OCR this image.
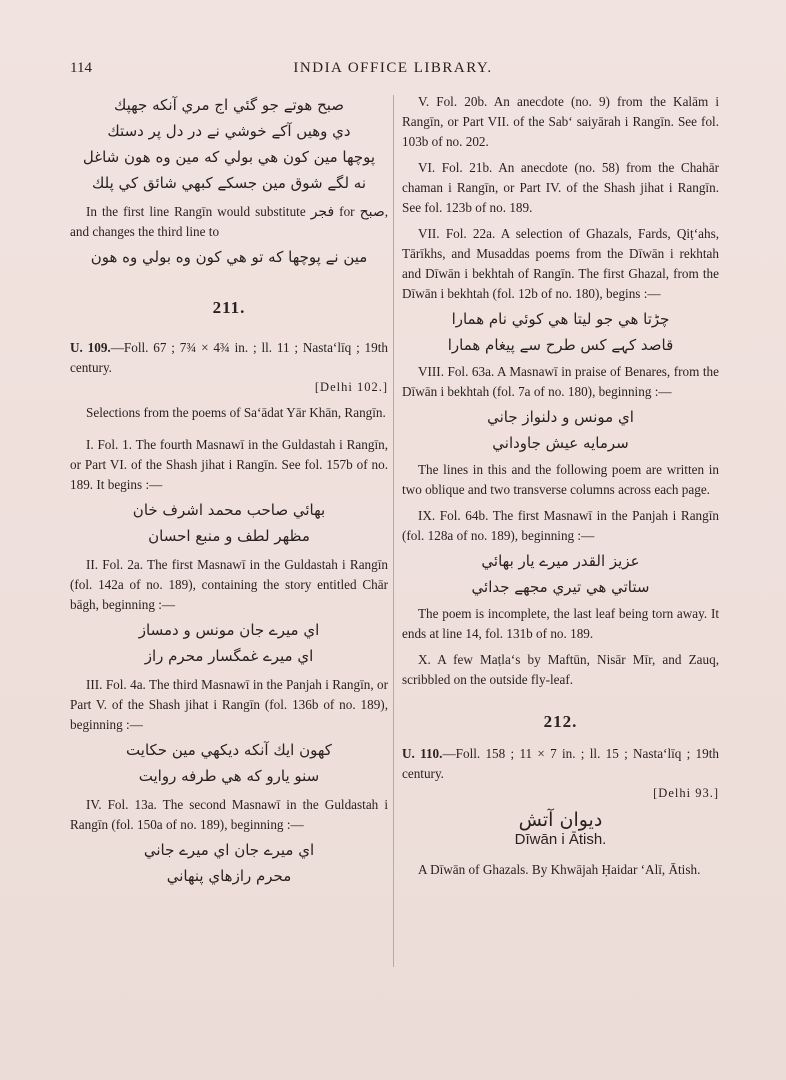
114	INDIA OFFICE LIBRARY.
صبح هوتے جو گئي اج مري آنكه جهپك
دي وهيں آکے خوشي نے در دل پر دستك
پوچها مين كون هي بولي كه مين وه هون شاغل
نه لگے شوق مين جسكے كبهي شائق كي پلك

In the first line Rangīn would substitute فجر for صبح, and changes the third line to

مين نے پوچها كه تو هي كون وه بولي وه هون
211.

U. 109.—Foll. 67 ; 7¾ × 4¾ in. ; ll. 11 ; Nasta‘līq ; 19th century.

[Delhi 102.]

Selections from the poems of Sa‘ādat Yār Khān, Rangīn.

I. Fol. 1. The fourth Masnawī in the Guldastah i Rangīn, or Part VI. of the Shash jihat i Rangīn. See fol. 157b of no. 189. It begins :—

بهائي صاحب محمد اشرف خان
مظهر لطف و منبع احسان

II. Fol. 2a. The first Masnawī in the Guldastah i Rangīn (fol. 142a of no. 189), containing the story entitled Chār bāgh, beginning :—

اي ميرے جان مونس و دمساز
اي ميرے غمگسار محرم راز

III. Fol. 4a. The third Masnawī in the Panjah i Rangīn, or Part V. of the Shash jihat i Rangīn (fol. 136b of no. 189), beginning :—

كهون ايك آنكه ديكهي مين حكايت
سنو يارو كه هي طرفه روايت

IV. Fol. 13a. The second Masnawī in the Guldastah i Rangīn (fol. 150a of no. 189), beginning :—

اي ميرے جان اي ميرے جاني
محرم رازهاي پنهاني

V. Fol. 20b. An anecdote (no. 9) from the Kalām i Rangīn, or Part VII. of the Sab‘ saiyārah i Rangīn. See fol. 103b of no. 202.

VI. Fol. 21b. An anecdote (no. 58) from the Chahār chaman i Rangīn, or Part IV. of the Shash jihat i Rangīn. See fol. 123b of no. 189.

VII. Fol. 22a. A selection of Ghazals, Fards, Qiṭ‘ahs, Tārīkhs, and Musaddas poems from the Dīwān i rekhtah and Dīwān i bekhtah of Rangīn. The first Ghazal, from the Dīwān i bekhtah (fol. 12b of no. 180), begins :—

چڑتا هي جو ليتا هي كوئي نام همارا
قاصد كہے كس طرح سے پيغام همارا

VIII. Fol. 63a. A Masnawī in praise of Benares, from the Dīwān i bekhtah (fol. 7a of no. 180), beginning :—

اي مونس و دلنواز جاني
سرمايه عيش جاوداني

The lines in this and the following poem are written in two oblique and two transverse columns across each page.

IX. Fol. 64b. The first Masnawī in the Panjah i Rangīn (fol. 128a of no. 189), beginning :—

عزيز القدر ميرے يار بهائي
ستاتي هي تيري مجهے جدائي

The poem is incomplete, the last leaf being torn away. It ends at line 14, fol. 131b of no. 189.

X. A few Maṭla‘s by Maftūn, Nisār Mīr, and Zauq, scribbled on the outside fly-leaf.

212.

U. 110.—Foll. 158 ; 11 × 7 in. ; ll. 15 ; Nasta‘līq ; 19th century.

[Delhi 93.]
ديوان آتش
Dīwān i Ātish.

A Dīwān of Ghazals. By Khwājah Ḥaidar ‘Alī, Ātish.
